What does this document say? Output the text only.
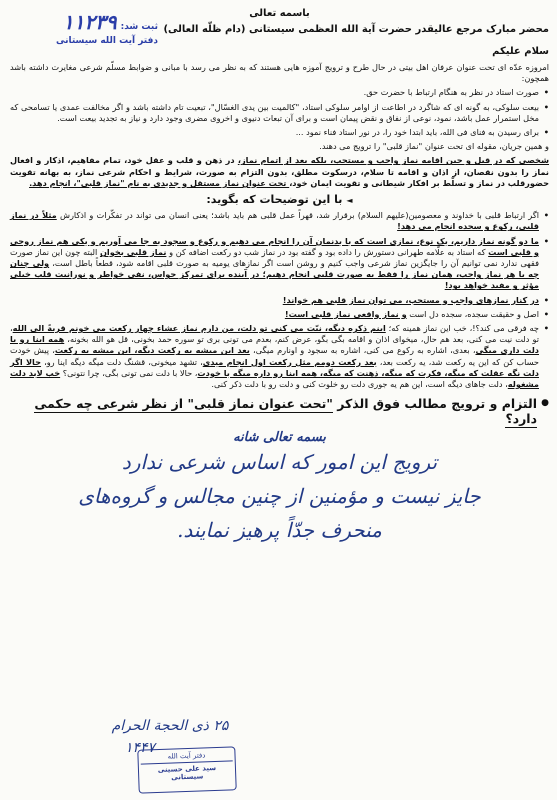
باسمه تعالی
ثبت شد:
۱۱۲۳۹
دفتر آیت الله سیستانی
محضر مبارک مرجع عالیقدر حضرت آیة الله العظمی سیستانی (دام ظلّه العالی)
سلام علیکم

امروزه عدّه ای تحت عنوان عرفان اهل بیتی در حال طرح و ترویج آموزه هایی هستند که به نظر می رسد با مبانی و ضوابط مسلّم شرعی مغایرت داشته باشد همچون:

• صورت استاد در نظر به هنگام ارتباط با حضرت حق.

• بیعت سلوکی، به گونه ای که شاگرد در اطاعت از اوامر سلوکی استاد، "کالمیت بین یدی الغسّال"، تبعیت تام داشته باشد و اگر مخالفت عمدی یا تسامحی که مخل استمرار عمل باشد، نمود، نوعی از نفاق و نقض پیمان است و برای آن تبعات دنیوی و اخروی مضری وجود دارد و نیاز به تجدید بیعت است.

• برای رسیدن به فنای فی الله، باید ابتدا خود را، در نور استاد فناء نمود ...

و همین جریان، مقوله ای تحت عنوان "نماز قلبی" را ترویج می دهند.

شخصی که در قبل و حین اقامه نماز واجب و مستحب، بلکه بعد از اتمام نماز، در ذهن و قلب و عقل خود، تمام مفاهیم، اذکار و افعال نماز را بدون نقصان، از اذان و اقامه تا سلام، درسکوت مطلق، بدون التزام به صورت، شرایط و احکام شرعی نماز، به بهانه تقویت حضورقلب در نماز و تسلّط بر افکار شیطانی و تقویت ایمان خود، تحت عنوان نماز مستقل و جدیدی به نام "نماز قلبی"، انجام دهد.

◄ با این توضیحات که بگوید:

• اگر ارتباط قلبی با خداوند و معصومین(علیهم السلام) برقرار شد، قهراً عمل قلبی هم باید باشد؛ یعنی انسان می تواند در تفکّرات و اذکارش مثلاً در نماز قلبی، رکوع و سجده انجام می دهد!

• ما دو گونه نماز داریم، یک نوع، نمازی است که با بدنمان آن را انجام می دهیم و رکوع و سجود به جا می آوریم و یکی هم نماز روحی و قلبی است که استاد به علّامه طهرانی دستورش را داده بود و گفته بود در نماز شب دو رکعت اضافه کن و نماز قلبی بخوان البته چون این نماز صورت فقهی ندارد نمی توانیم آن را جایگزین نماز شرعی واجب کنیم و روشن است اگر نمازهای یومیه به صورت قلبی اقامه شود، قطعاً باطل است، ولی چنان چه با هر نماز واجب، همان نماز را فقط به صورت قلبی انجام دهیم؛ در آینده برای تمرکز حواس، نفی خواطر و نورانیت قلب خیلی مؤثر و مفید خواهد بود!

• در کنار نمازهای واجب و مستحب، می توان نماز قلبی هم خواند!

• اصل و حقیقت سجده، سجده دل است و نماز واقعی نماز قلبی است!

• چه فرقی می کند؟!، خب این نماز همینه که؛ اینم ذکره دیگه، نیّت می کنی تو دلت، من دارم نماز عشاء چهار رکعت می خونم قربةً الی الله، تو دلت نیت می کنی، بعد هم حال، میخوای اذان و اقامه بگی بگو، عرض کنم، بعدم می تونی بری تو سوره حمد بخونی، قل هو الله بخونه، همه اینا رو با دلت داری میگی، بعدی، اشاره به رکوع می کنی، اشاره به سجود و اونارم میگی، بعد این میشه یه رکعت دیگه، این میشه یه رکعت، پیش خودت حساب کن که این یه رکعت شد، یه رکعت بعد، بعد رکعت دومم مثل رکعت اول انجام میدی، تشهد میخونی، قشنگ دلت میگه دیگه اینا رو، حالا اگر دلت نگه عقلت که میگه، فکرت که میگه، ذهنت که میگه، همه اینا رو داره میگه با خودت، حالا با دلت نمی تونی بگی، چرا نتونی؟ خب لابد دلت مشغوله، دلت جاهای دیگه است، این هم یه جوری دلت رو خلوت کنی و دلت رو با دلت ذکر کنی.

● التزام و ترویج مطالب فوق الذکر "تحت عنوان نماز قلبی" از نظر شرعی چه حکمی دارد؟
بسمه تعالی شانه
ترویج این امور که اساس شرعی ندارد
جایز نیست و مؤمنین از چنین مجالس و گروه‌های
منحرف جدّاً پرهیز نمایند.
۲۵ ذی الحجة الحرام
۱۴۴۷
دفتر آیت الله
سید علی حسینی سیستانی
